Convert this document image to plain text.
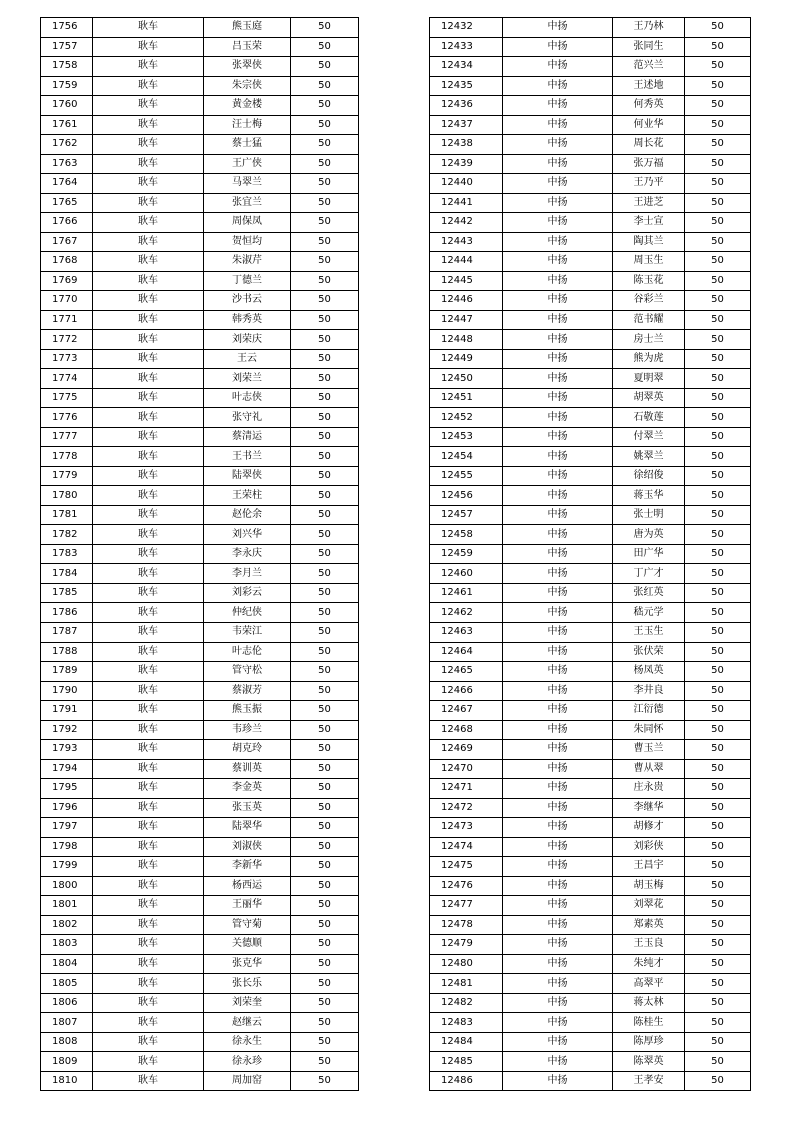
1756	耿车	熊玉庭	50
1757	耿车	吕玉荣	50
1758	耿车	张翠侠	50
1759	耿车	朱宗侠	50
1760	耿车	黄金楼	50
1761	耿车	汪士梅	50
1762	耿车	蔡士猛	50
1763	耿车	王广侠	50
1764	耿车	马翠兰	50
1765	耿车	张宜兰	50
1766	耿车	周保凤	50
1767	耿车	贺恒均	50
1768	耿车	朱淑芹	50
1769	耿车	丁德兰	50
1770	耿车	沙书云	50
1771	耿车	韩秀英	50
1772	耿车	刘荣庆	50
1773	耿车	王云	50
1774	耿车	刘荣兰	50
1775	耿车	叶志侠	50
1776	耿车	张守礼	50
1777	耿车	蔡清运	50
1778	耿车	王书兰	50
1779	耿车	陆翠侠	50
1780	耿车	王荣柱	50
1781	耿车	赵伦余	50
1782	耿车	刘兴华	50
1783	耿车	李永庆	50
1784	耿车	李月兰	50
1785	耿车	刘彩云	50
1786	耿车	仲纪侠	50
1787	耿车	韦荣江	50
1788	耿车	叶志伦	50
1789	耿车	管守松	50
1790	耿车	蔡淑芳	50
1791	耿车	熊玉振	50
1792	耿车	韦珍兰	50
1793	耿车	胡克玲	50
1794	耿车	蔡训英	50
1795	耿车	李金英	50
1796	耿车	张玉英	50
1797	耿车	陆翠华	50
1798	耿车	刘淑侠	50
1799	耿车	李新华	50
1800	耿车	杨西运	50
1801	耿车	王丽华	50
1802	耿车	管守菊	50
1803	耿车	关德顺	50
1804	耿车	张克华	50
1805	耿车	张长乐	50
1806	耿车	刘荣奎	50
1807	耿车	赵继云	50
1808	耿车	徐永生	50
1809	耿车	徐永珍	50
1810	耿车	周加窑	50
12432	中扬	王乃林	50
12433	中扬	张同生	50
12434	中扬	范兴兰	50
12435	中扬	王述地	50
12436	中扬	何秀英	50
12437	中扬	何业华	50
12438	中扬	周长花	50
12439	中扬	张万福	50
12440	中扬	王乃平	50
12441	中扬	王进芝	50
12442	中扬	李士宣	50
12443	中扬	陶其兰	50
12444	中扬	周玉生	50
12445	中扬	陈玉花	50
12446	中扬	谷彩兰	50
12447	中扬	范书耀	50
12448	中扬	房士兰	50
12449	中扬	熊为虎	50
12450	中扬	夏明翠	50
12451	中扬	胡翠英	50
12452	中扬	石敬莲	50
12453	中扬	付翠兰	50
12454	中扬	姚翠兰	50
12455	中扬	徐绍俊	50
12456	中扬	蒋玉华	50
12457	中扬	张士明	50
12458	中扬	唐为英	50
12459	中扬	田广华	50
12460	中扬	丁广才	50
12461	中扬	张红英	50
12462	中扬	嵇元学	50
12463	中扬	王玉生	50
12464	中扬	张伏荣	50
12465	中扬	杨凤英	50
12466	中扬	李井良	50
12467	中扬	江衍德	50
12468	中扬	朱同怀	50
12469	中扬	曹玉兰	50
12470	中扬	曹从翠	50
12471	中扬	庄永贵	50
12472	中扬	李继华	50
12473	中扬	胡修才	50
12474	中扬	刘彩侠	50
12475	中扬	王昌宇	50
12476	中扬	胡玉梅	50
12477	中扬	刘翠花	50
12478	中扬	郑素英	50
12479	中扬	王玉良	50
12480	中扬	朱纯才	50
12481	中扬	高翠平	50
12482	中扬	蒋太林	50
12483	中扬	陈桂生	50
12484	中扬	陈厚珍	50
12485	中扬	陈翠英	50
12486	中扬	王孝安	50
